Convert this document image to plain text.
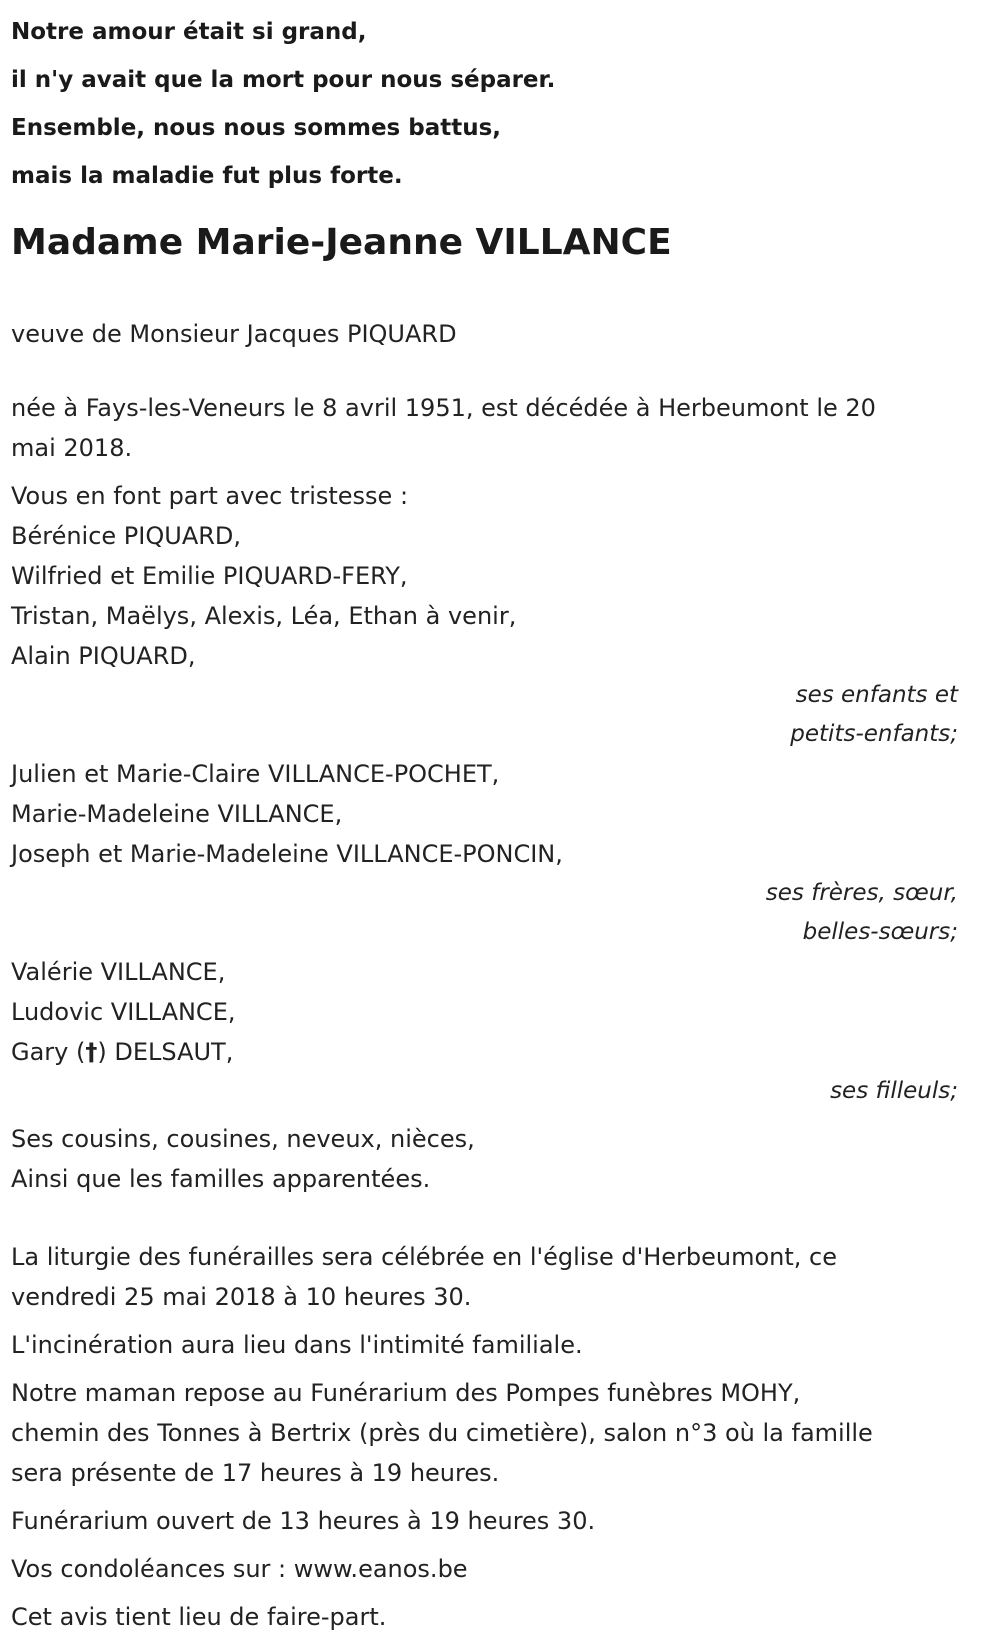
Notre amour était si grand,
il n'y avait que la mort pour nous séparer.
Ensemble, nous nous sommes battus,
mais la maladie fut plus forte.
Madame Marie-Jeanne VILLANCE
veuve de Monsieur Jacques PIQUARD
née à Fays-les-Veneurs le 8 avril 1951, est décédée à Herbeumont le 20
mai 2018.
Vous en font part avec tristesse :
Bérénice PIQUARD,
Wilfried et Emilie PIQUARD-FERY,
Tristan, Maëlys, Alexis, Léa, Ethan à venir,
Alain PIQUARD,
ses enfants et
petits-enfants;
Julien et Marie-Claire VILLANCE-POCHET,
Marie-Madeleine VILLANCE,
Joseph et Marie-Madeleine VILLANCE-PONCIN,
ses frères, sœur,
belles-sœurs;
Valérie VILLANCE,
Ludovic VILLANCE,
Gary (†) DELSAUT,
ses filleuls;
Ses cousins, cousines, neveux, nièces,
Ainsi que les familles apparentées.
La liturgie des funérailles sera célébrée en l'église d'Herbeumont, ce
vendredi 25 mai 2018 à 10 heures 30.
L'incinération aura lieu dans l'intimité familiale.
Notre maman repose au Funérarium des Pompes funèbres MOHY,
chemin des Tonnes à Bertrix (près du cimetière), salon n°3 où la famille
sera présente de 17 heures à 19 heures.
Funérarium ouvert de 13 heures à 19 heures 30.
Vos condoléances sur : www.eanos.be
Cet avis tient lieu de faire-part.
